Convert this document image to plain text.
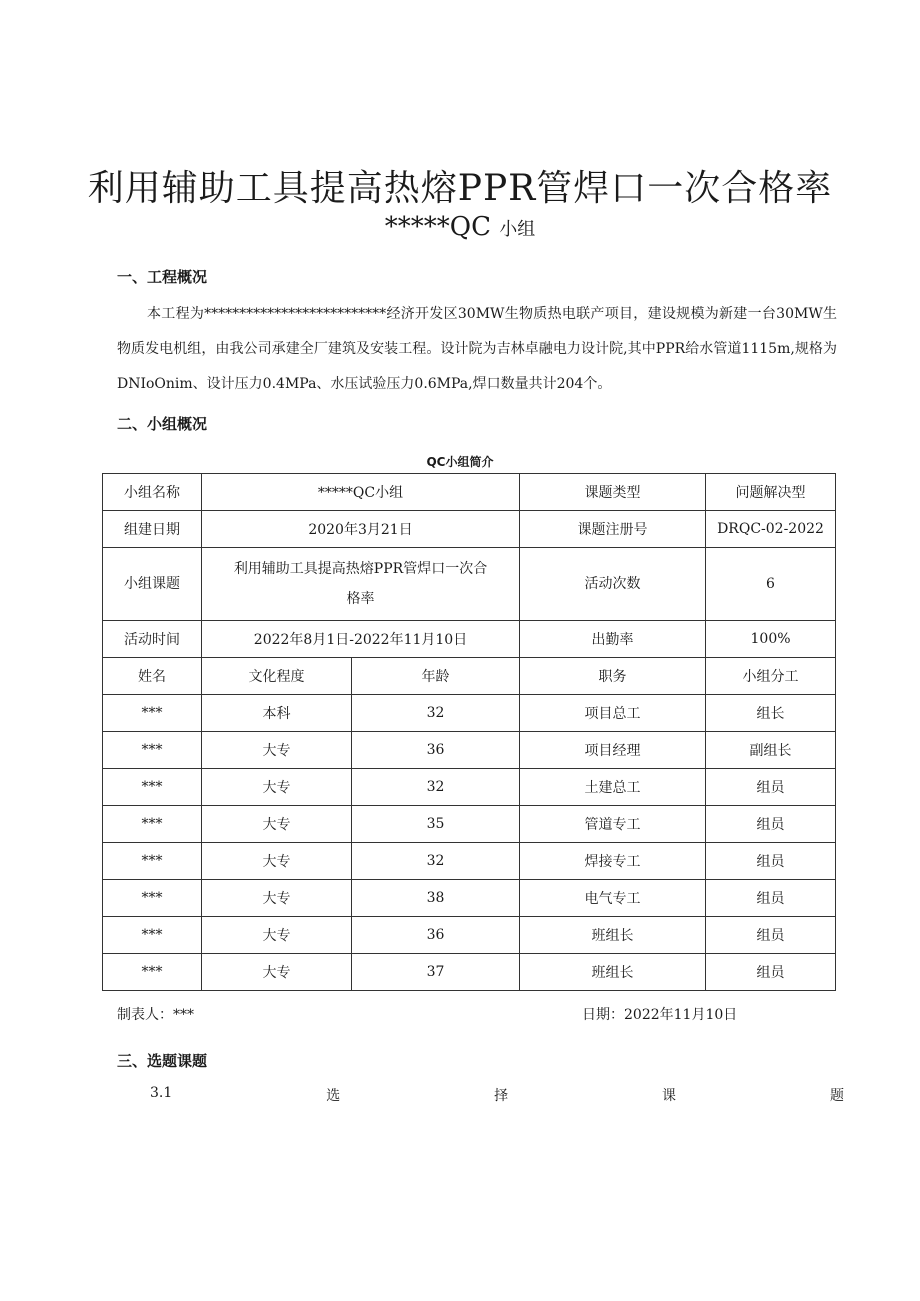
利用辅助工具提高热熔PPR管焊口一次合格率
*****QC 小组
一、工程概况

本工程为**************************经济开发区30MW生物质热电联产项目，建设规模为新建一台30MW生物质发电机组，由我公司承建全厂建筑及安装工程。设计院为吉林卓融电力设计院,其中PPR给水管道1115m,规格为DNIoOnim、设计压力0.4MPa、水压试验压力0.6MPa,焊口数量共计204个。

二、小组概况
QC小组简介
小组名称	*****QC小组		课题类型	问题解决型
组建日期	2020年3月21日		课题注册号	DRQC-02-2022
小组课题	利用辅助工具提高热熔PPR管焊口一次合
格率		活动次数	6
活动时间	2022年8月1日-2022年11月10日		出勤率	100%
姓名	文化程度	年龄	职务	小组分工
***	本科	32	项目总工	组长
***	大专	36	项目经理	副组长
***	大专	32	土建总工	组员
***	大专	35	管道专工	组员
***	大专	32	焊接专工	组员
***	大专	38	电气专工	组员
***	大专	36	班组长	组员
***	大专	37	班组长	组员
制表人：***	日期：2022年11月10日
三、选题课题
3.1	选	择	课	题
